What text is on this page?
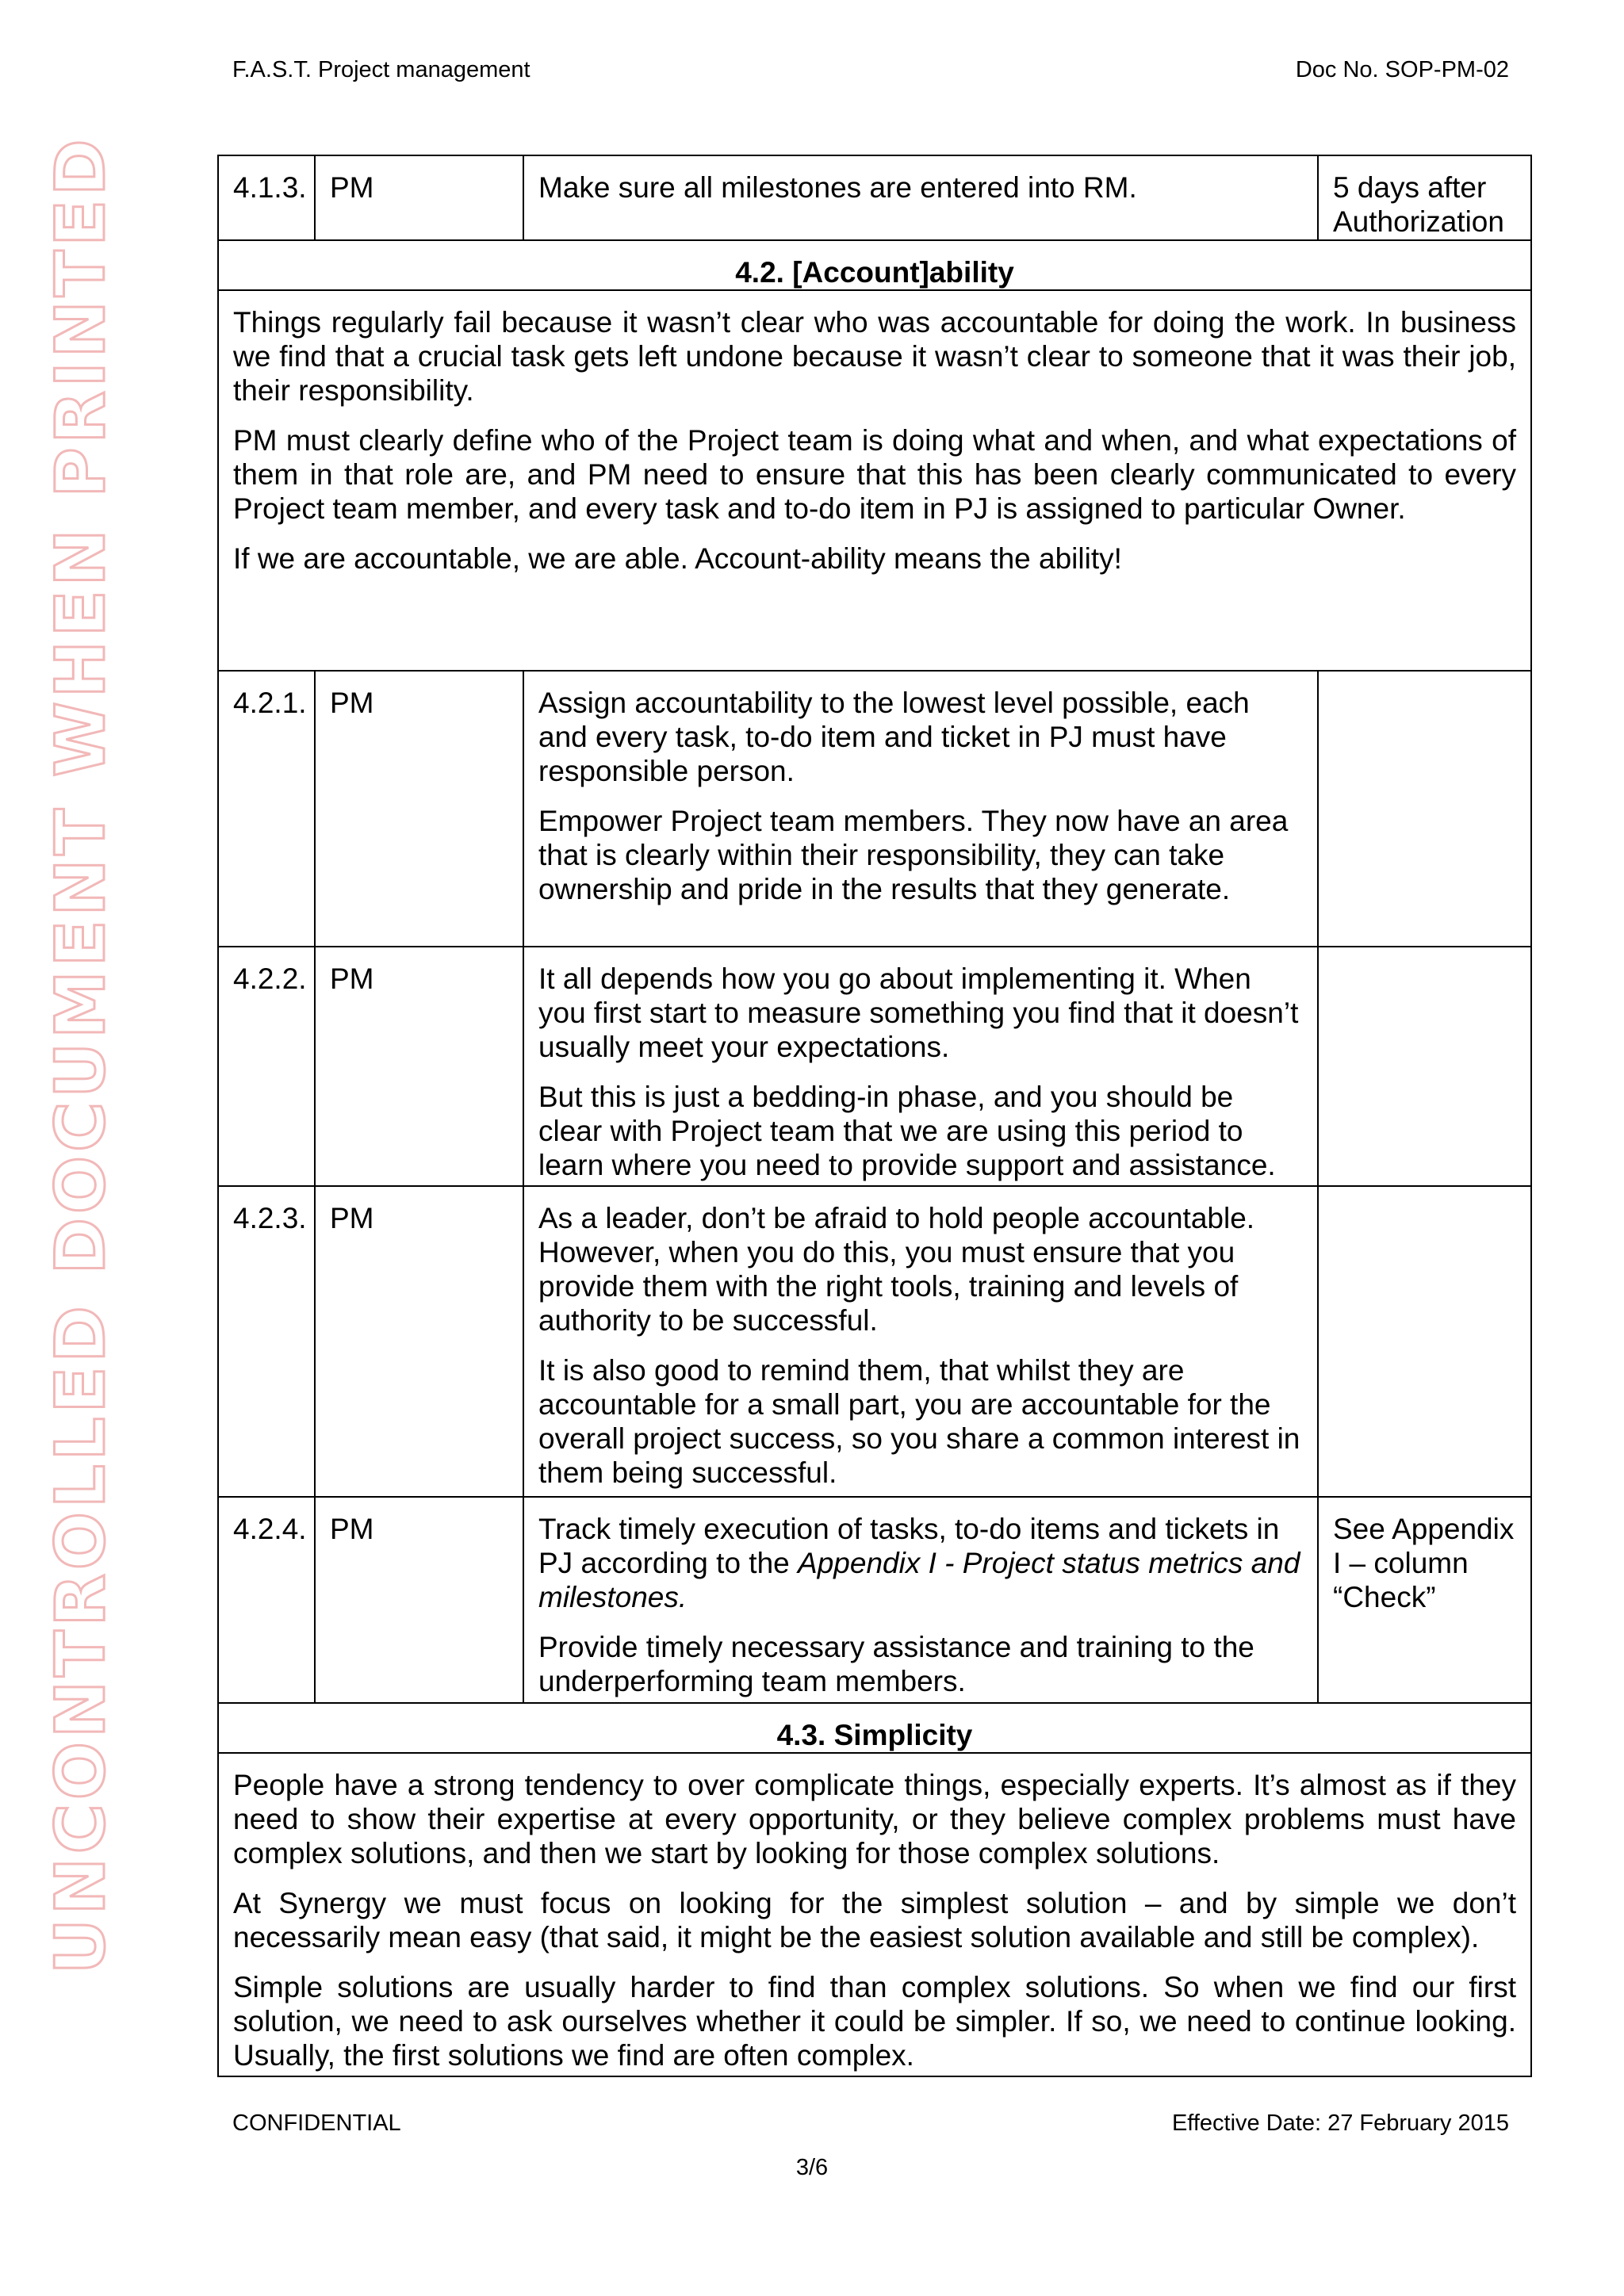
F.A.S.T. Project management	Doc No. SOP-PM-02
UNCONTROLLED DOCUMENT WHEN PRINTED	4.1.3.	PM	Make sure all milestones are entered into RM.	5 days after Authorization
4.2. [Account]ability			

Things regularly fail because it wasn’t clear who was accountable for doing the work. In business we find that a crucial task gets left undone because it wasn’t clear to someone that it was their job, their responsibility.

PM must clearly define who of the Project team is doing what and when, and what expectations of them in that role are, and PM need to ensure that this has been clearly communicated to every Project team member, and every task and to-do item in PJ is assigned to particular Owner.

If we are accountable, we are able. Account-ability means the ability!			

4.2.1.	PM	Assign accountability to the lowest level possible, each and every task, to-do item and ticket in PJ must have responsible person.

Empower Project team members. They now have an area that is clearly within their responsibility, they can take ownership and pride in the results that they generate.	

4.2.2.	PM	It all depends how you go about implementing it. When you first start to measure something you find that it doesn’t usually meet your expectations.

But this is just a bedding-in phase, and you should be clear with Project team that we are using this period to learn where you need to provide support and assistance.	

4.2.3.	PM	As a leader, don’t be afraid to hold people accountable. However, when you do this, you must ensure that you provide them with the right tools, training and levels of authority to be successful.

It is also good to remind them, that whilst they are accountable for a small part, you are accountable for the overall project success, so you share a common interest in them being successful.	

4.2.4.	PM	Track timely execution of tasks, to-do items and tickets in PJ according to the Appendix I - Project status metrics and milestones.

Provide timely necessary assistance and training to the underperforming team members.	See Appendix I – column “Check”
4.3. Simplicity			

People have a strong tendency to over complicate things, especially experts. It’s almost as if they need to show their expertise at every opportunity, or they believe complex problems must have complex solutions, and then we start by looking for those complex solutions.

At Synergy we must focus on looking for the simplest solution – and by simple we don’t necessarily mean easy (that said, it might be the easiest solution available and still be complex).

Simple solutions are usually harder to find than complex solutions. So when we find our first solution, we need to ask ourselves whether it could be simpler. If so, we need to continue looking. Usually, the first solutions we find are often complex.			

CONFIDENTIAL	Effective Date: 27 February 2015
3/6
